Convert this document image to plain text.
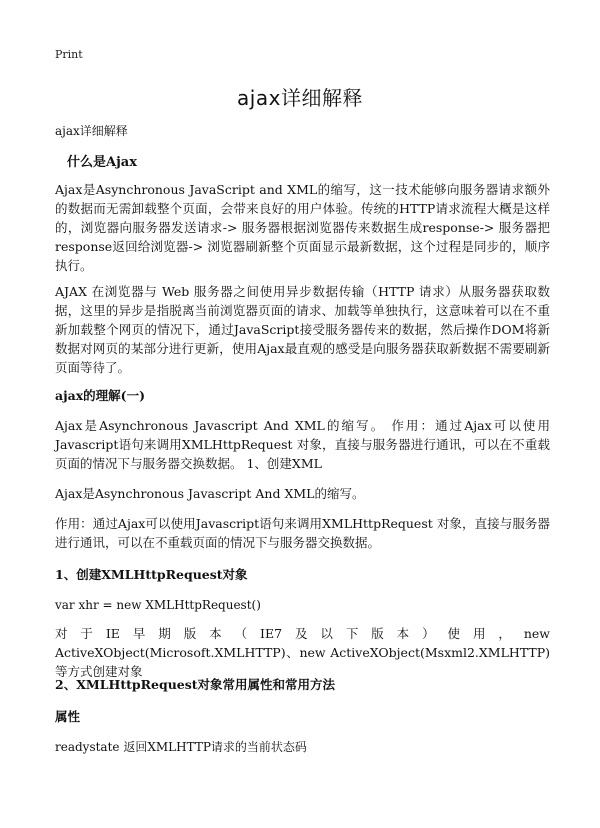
Print
ajax详细解释
ajax详细解释
什么是Ajax

Ajax是Asynchronous JavaScript and XML的缩写，这一技术能够向服务器请求额外的数据而无需卸载整个页面，会带来良好的用户体验。传统的HTTP请求流程大概是这样的，浏览器向服务器发送请求-> 服务器根据浏览器传来数据生成response-> 服务器把response返回给浏览器-> 浏览器刷新整个页面显示最新数据，这个过程是同步的，顺序执行。

AJAX 在浏览器与 Web 服务器之间使用异步数据传输（HTTP 请求）从服务器获取数据，这里的异步是指脱离当前浏览器页面的请求、加载等单独执行，这意味着可以在不重新加载整个网页的情况下，通过JavaScript接受服务器传来的数据，然后操作DOM将新数据对网页的某部分进行更新，使用Ajax最直观的感受是向服务器获取新数据不需要刷新页面等待了。

ajax的理解(一)

Ajax是Asynchronous Javascript And XML的缩写。 作用：通过Ajax可以使用Javascript语句来调用XMLHttpRequest 对象，直接与服务器进行通讯，可以在不重载页面的情况下与服务器交换数据。 1、创建XML

Ajax是Asynchronous Javascript And XML的缩写。

作用：通过Ajax可以使用Javascript语句来调用XMLHttpRequest 对象，直接与服务器进行通讯，可以在不重载页面的情况下与服务器交换数据。

1、创建XMLHttpRequest对象
var xhr = new XMLHttpRequest()

对于IE早期版本（IE7及以下版本）使用，new ActiveXObject(Microsoft.XMLHTTP)、new ActiveXObject(Msxml2.XMLHTTP) 等方式创建对象

2、XMLHttpRequest对象常用属性和常用方法
属性
readystate 返回XMLHTTP请求的当前状态码
